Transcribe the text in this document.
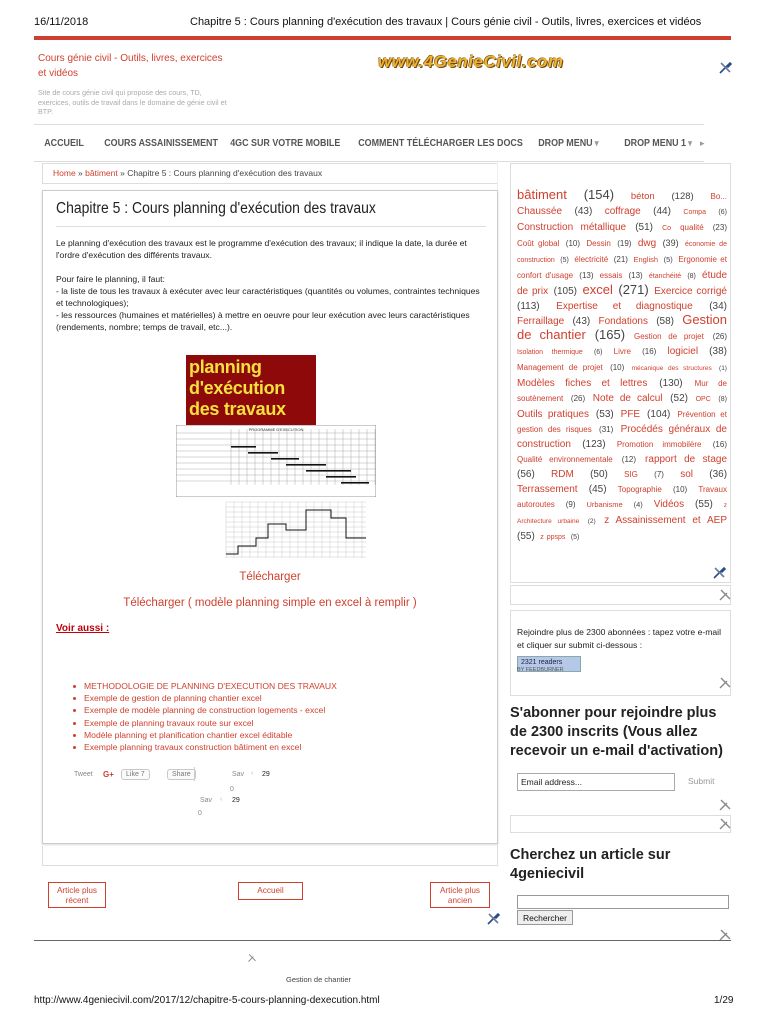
16/11/2018	Chapitre 5 : Cours planning d'exécution des travaux | Cours génie civil - Outils, livres, exercices et vidéos
Cours génie civil - Outils, livres, exercices et vidéos
Site de cours génie civil qui propose des cours, TD, exercices, outils de travail dans le domaine de génie civil et BTP.
www.4GenieCivil.com
ACCUEIL	COURS ASSAINISSEMENT	4GC SUR VOTRE MOBILE	COMMENT TÉLÉCHARGER LES DOCS	DROP MENU ▾	DROP MENU 1 ▾	▸
Home » bâtiment » Chapitre 5 : Cours planning d'exécution des travaux
Chapitre 5 : Cours planning d'exécution des travaux

Le planning d'exécution des travaux est le programme d'exécution des travaux; il indique la date, la durée et l'ordre d'exécution des différents travaux.

Pour faire le planning, il faut:

- la liste de tous les travaux à exécuter avec leur caractéristiques (quantités ou volumes, contraintes techniques et technologiques);

- les ressources (humaines et matérielles) à mettre en oeuvre pour leur exécution avec leurs caractéristiques (rendements, nombre; temps de travail, etc...).

planning d'exécution des travaux
PROGRAMME D'EXECUTION
Télécharger
Télécharger ( modèle planning simple en excel à remplir )
Voir aussi :
METHODOLOGIE DE PLANNING D'EXECUTION DES TRAVAUX
Exemple de gestion de planning chantier excel
Exemple de modèle planning de construction logements - excel
Exemple de planning travaux route sur excel
Modèle planning et planification chantier excel éditable
Exemple planning travaux construction bâtiment en excel
Tweet G+	Like 7	Share	Sav ‹ 29
0
Sav ‹ 29
0
Article plus récent
Accueil	Article plus ancien
Gestion de chantier
http://www.4geniecivil.com/2017/12/chapitre-5-cours-planning-dexecution.html	1/29
bâtiment (154) béton (128) Bo... Chaussée (43) coffrage (44) Compa (6) Construction métallique (51) Co qualité (23) Coût global (10) Dessin (19) dwg (39) économie de construction (5) électricité (21) English (5) Ergonomie et confort d'usage (13) essais (13) étanchéité (8) étude de prix (105) excel (271) Exercice corrigé (113) Expertise et diagnostique (34) Ferraillage (43) Fondations (58) Gestion de chantier (165) Gestion de projet (26) Isolation thermique (6) Livre (16) logiciel (38) Management de projet (10) mécanique des structures (1) Modèles fiches et lettres (130) Mur de soutènement (26) Note de calcul (52) OPC (8) Outils pratiques (53) PFE (104) Prévention et gestion des risques (31) Procédés généraux de construction (123) Promotion immobilère (16) Qualité environnementale (12) rapport de stage (56) RDM (50) SIG (7) sol (36) Terrassement (45) Topographie (10) Travaux autoroutes (9) Urbanisme (4) Vidéos (55) z Architecture urbaine (2) z Assainissement et AEP (55) z ppsps (5)
Rejoindre plus de 2300 abonnées : tapez votre e-mail et cliquer sur submit ci-dessous :
2321 readers
BY FEEDBURNER
S'abonner pour rejoindre plus de 2300 inscrits (Vous allez recevoir un e-mail d'activation)
Email address...
Submit
Cherchez un article sur 4geniecivil
Rechercher
